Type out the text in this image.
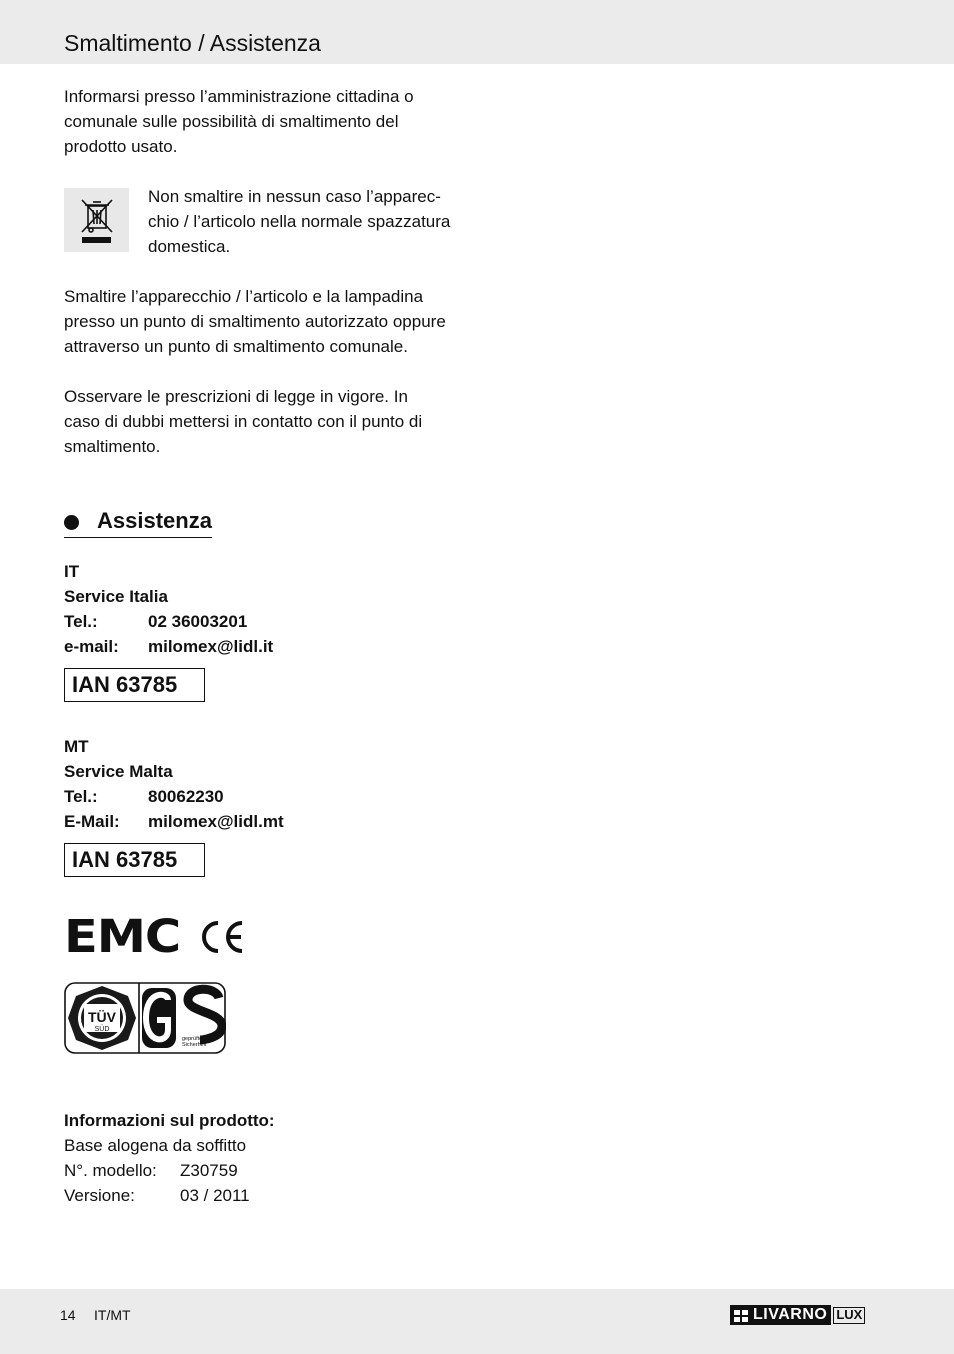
Smaltimento / Assistenza
Informarsi presso l’amministrazione cittadina o
comunale sulle possibilità di smaltimento del
prodotto usato.
Non smaltire in nessun caso l’apparec-
chio / l’articolo nella normale spazzatura
domestica.
Smaltire l’apparecchio / l’articolo e la lampadina
presso un punto di smaltimento autorizzato oppure
attraverso un punto di smaltimento comunale.
Osservare le prescrizioni di legge in vigore. In
caso di dubbi mettersi in contatto con il punto di
smaltimento.
Assistenza
IT
Service Italia
Tel.:	02 36003201
e-mail:	milomex@lidl.it
IAN 63785
MT
Service Malta
Tel.:	80062230
E-Mail:	milomex@lidl.mt
IAN 63785
EMC
TÜV
SÜD
geprüfte
Sicherheit
Informazioni sul prodotto:
Base alogena da soffitto
N°. modello:	Z30759
Versione:	03 / 2011
14 IT/MT	LIVARNO LUX
